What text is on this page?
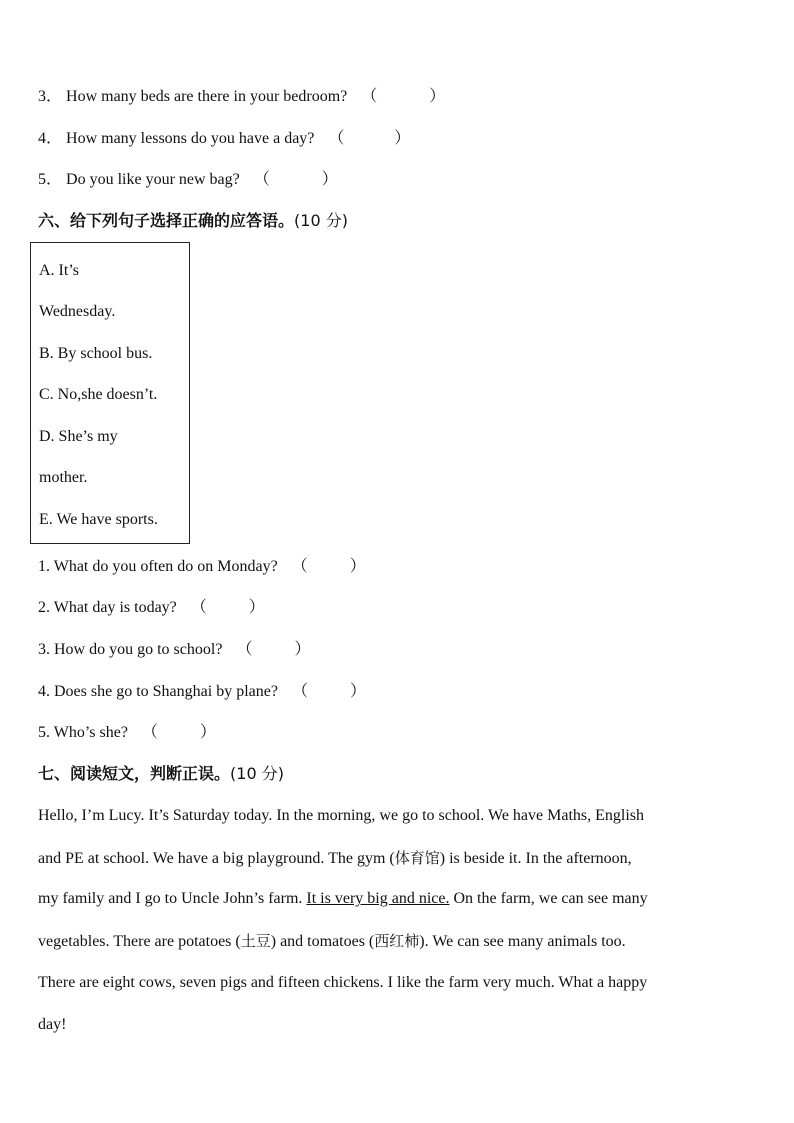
3． How many beds are there in your bedroom? （	）
4． How many lessons do you have a day? （	）
5． Do you like your new bag? （	）
六、给下列句子选择正确的应答语。(10 分)
A. It’s
Wednesday.
B. By school bus.
C. No,she doesn’t.
D. She’s my
mother.
E. We have sports.
1. What do you often do on Monday? （	）
2. What day is today? （	）
3. How do you go to school? （	）
4. Does she go to Shanghai by plane? （	）
5. Who’s she? （	）
七、阅读短文，判断正误。(10 分)
Hello, I’m Lucy. It’s Saturday today. In the morning, we go to school. We have Maths, English
and PE at school. We have a big playground. The gym (体育馆) is beside it. In the afternoon,
my family and I go to Uncle John’s farm. It is very big and nice. On the farm, we can see many
vegetables. There are potatoes (土豆) and tomatoes (西红柿). We can see many animals too.
There are eight cows, seven pigs and fifteen chickens. I like the farm very much. What a happy
day!
